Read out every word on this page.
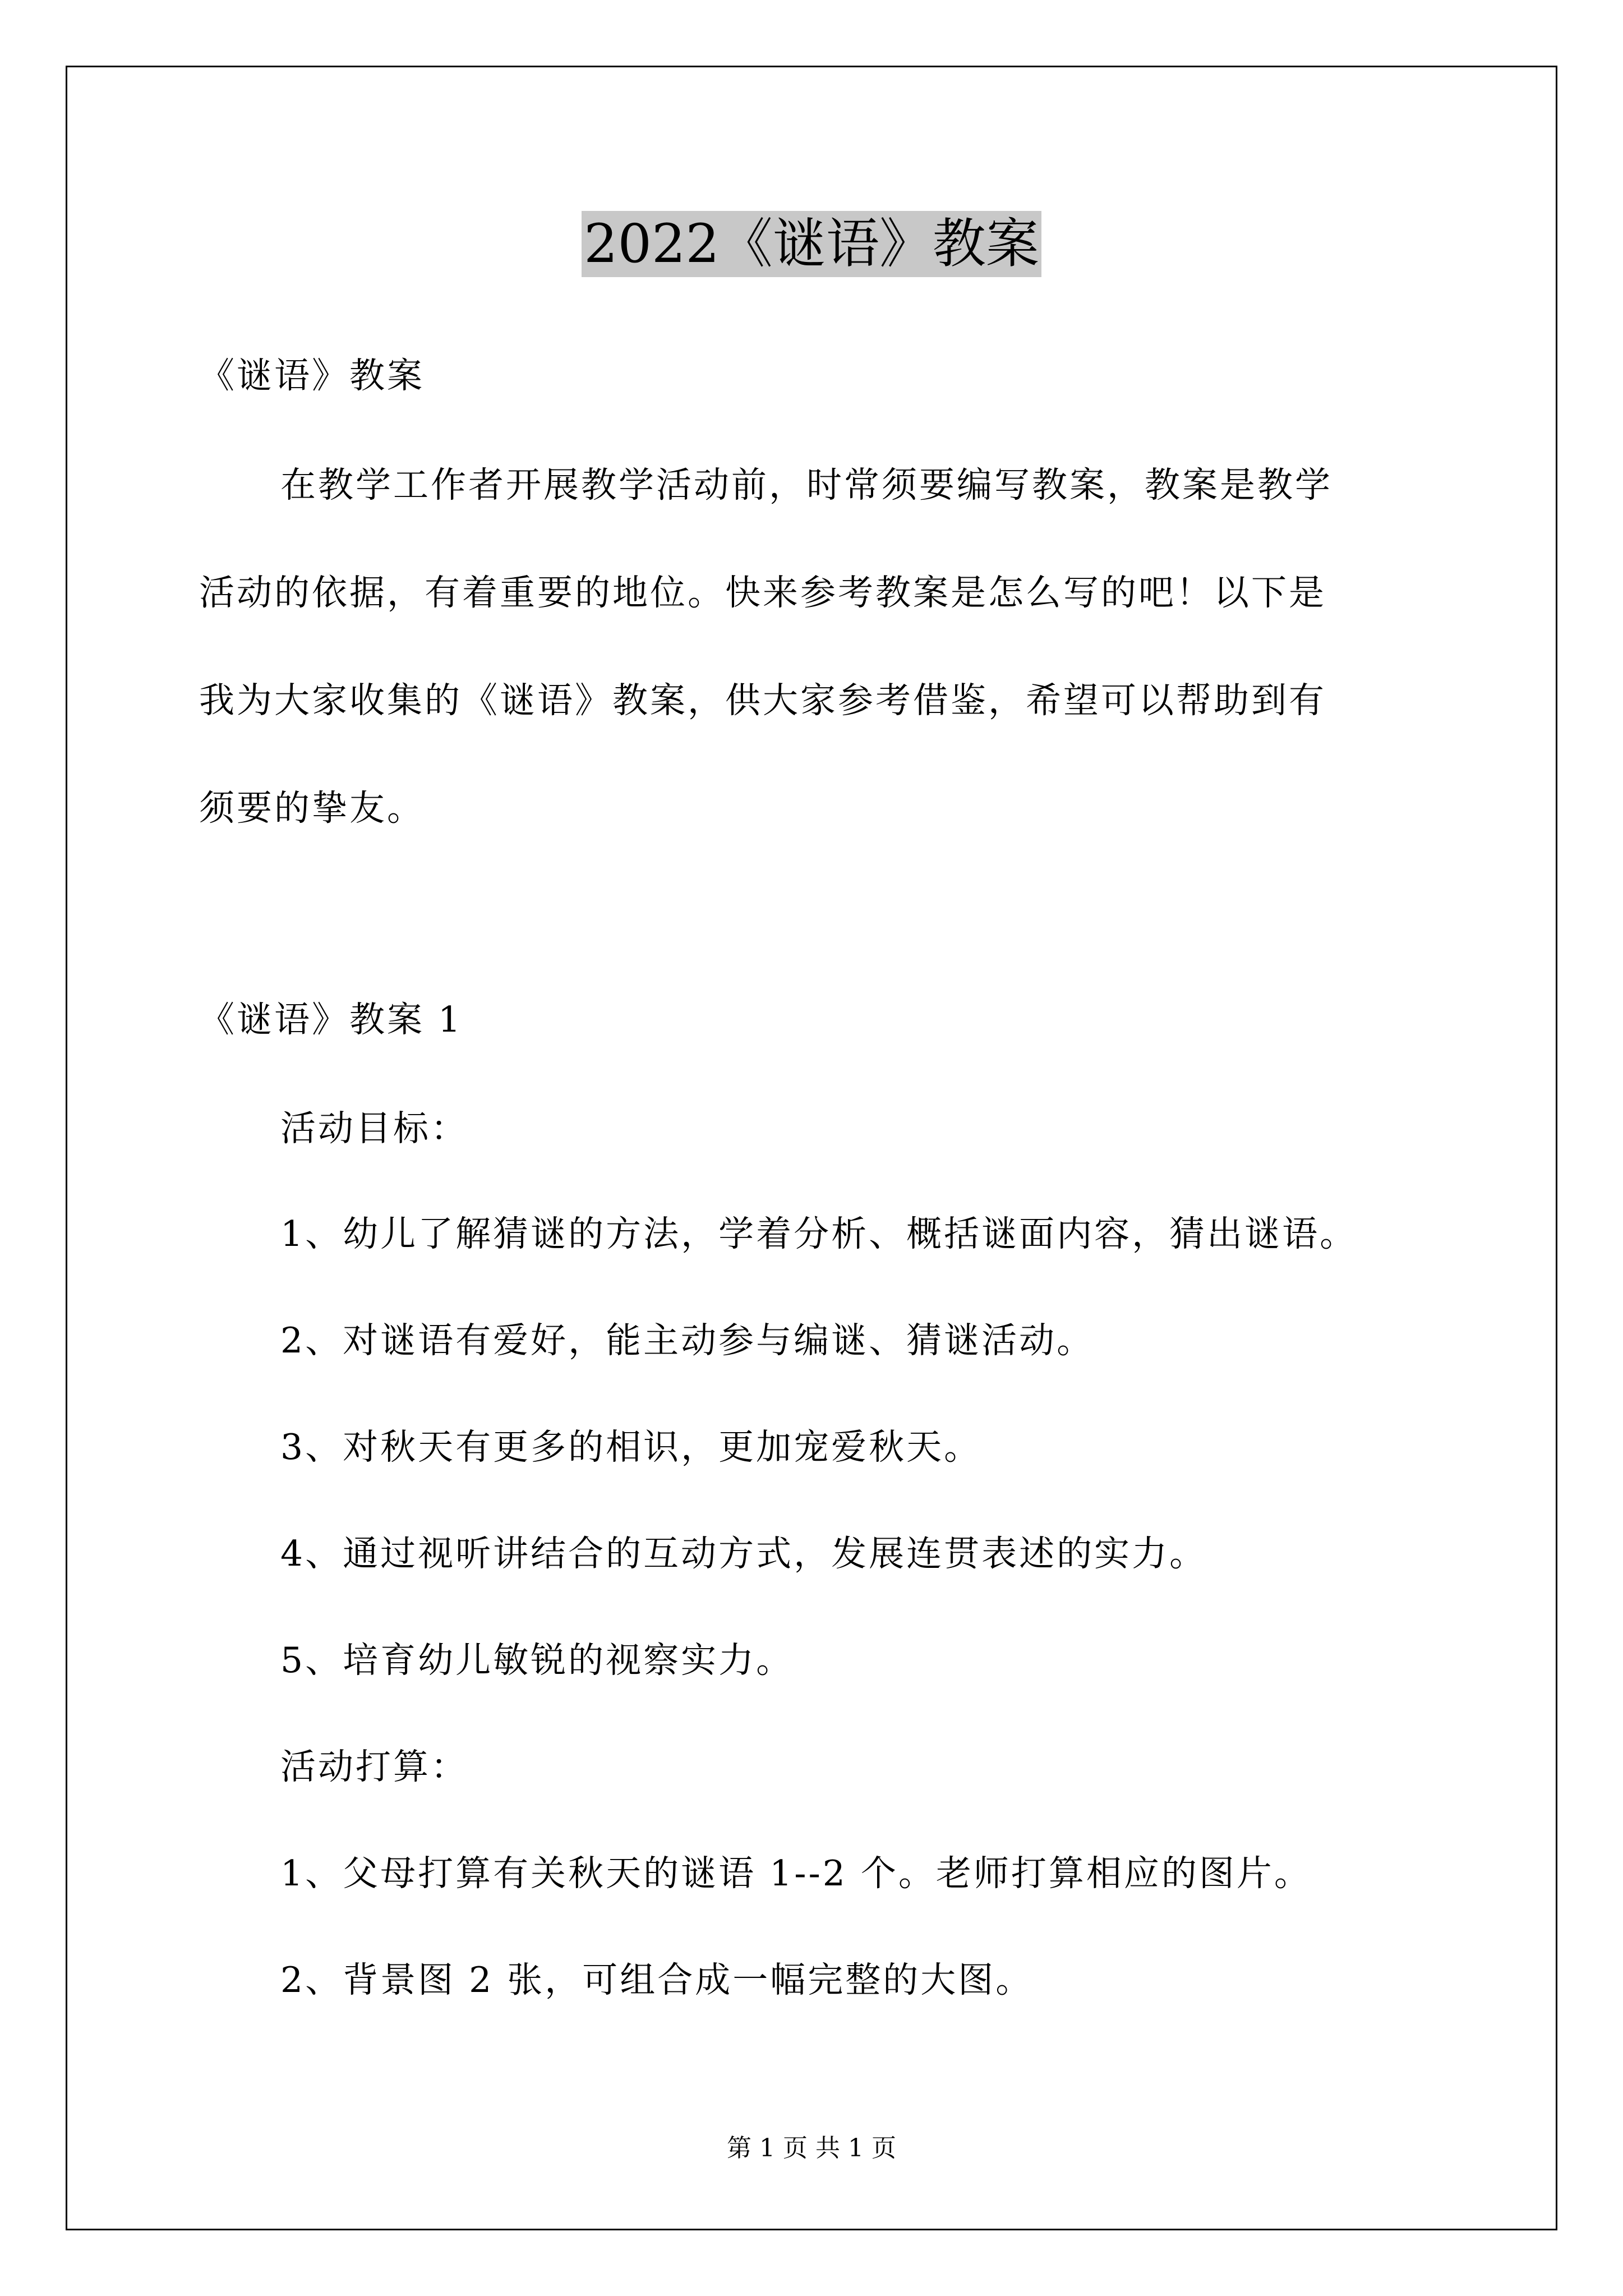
2022《谜语》教案
《谜语》教案
在教学工作者开展教学活动前，时常须要编写教案，教案是教学
活动的依据，有着重要的地位。快来参考教案是怎么写的吧！以下是
我为大家收集的《谜语》教案，供大家参考借鉴，希望可以帮助到有
须要的挚友。
《谜语》教案 1
活动目标：
1、幼儿了解猜谜的方法，学着分析、概括谜面内容，猜出谜语。
2、对谜语有爱好，能主动参与编谜、猜谜活动。
3、对秋天有更多的相识，更加宠爱秋天。
4、通过视听讲结合的互动方式，发展连贯表述的实力。
5、培育幼儿敏锐的视察实力。
活动打算：
1、父母打算有关秋天的谜语 1--2 个。老师打算相应的图片。
2、背景图 2 张，可组合成一幅完整的大图。
第 1 页 共 1 页
